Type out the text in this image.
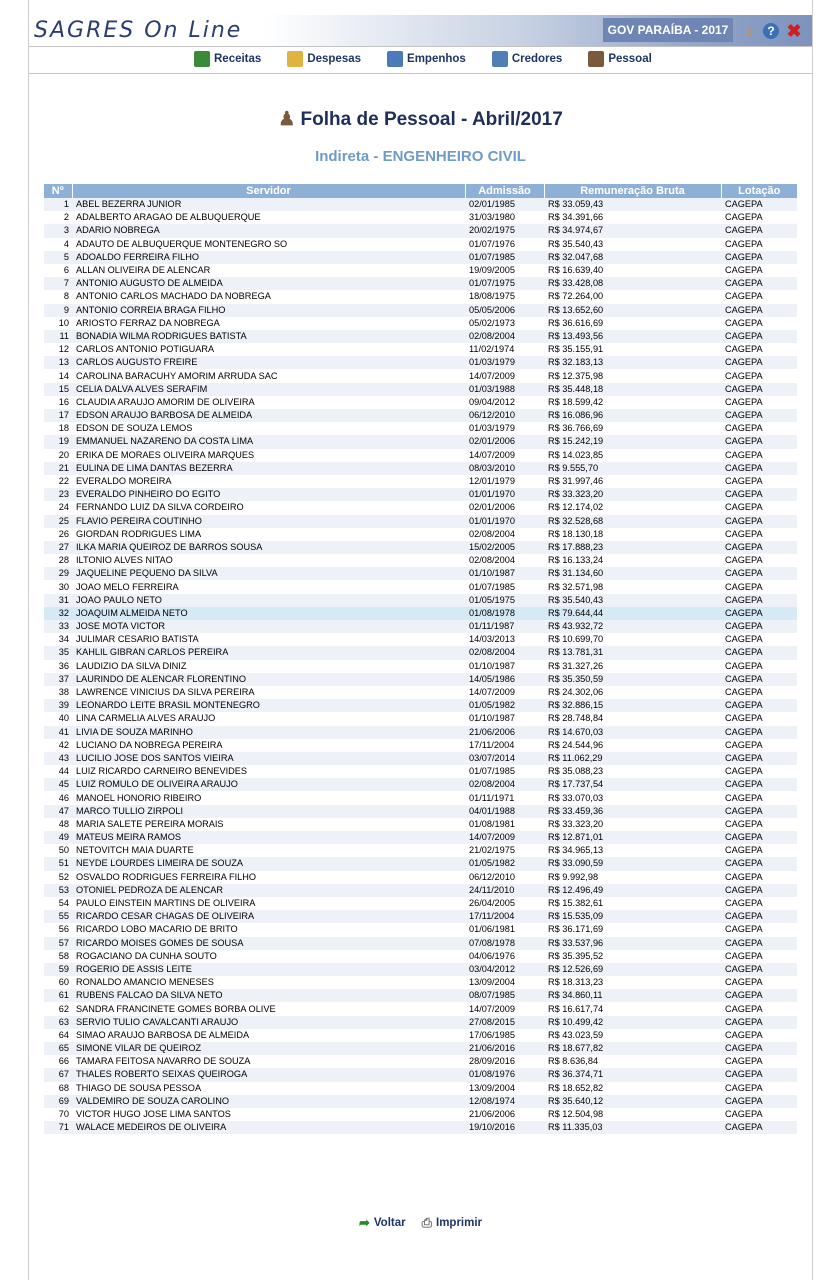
SAGRES On Line	GOV PARAÍBA - 2017	⌂	? ✖
Receitas	Despesas	Empenhos	Credores	Pessoal
♟ Folha de Pessoal - Abril/2017
Indireta - ENGENHEIRO CIVIL
Nº	Servidor	Admissão	Remuneração Bruta	Lotação
1	ABEL BEZERRA JUNIOR	02/01/1985	R$ 33.059,43	CAGEPA
2	ADALBERTO ARAGAO DE ALBUQUERQUE	31/03/1980	R$ 34.391,66	CAGEPA
3	ADARIO NOBREGA	20/02/1975	R$ 34.974,67	CAGEPA
4	ADAUTO DE ALBUQUERQUE MONTENEGRO SO	01/07/1976	R$ 35.540,43	CAGEPA
5	ADOALDO FERREIRA FILHO	01/07/1985	R$ 32.047,68	CAGEPA
6	ALLAN OLIVEIRA DE ALENCAR	19/09/2005	R$ 16.639,40	CAGEPA
7	ANTONIO AUGUSTO DE ALMEIDA	01/07/1975	R$ 33.428,08	CAGEPA
8	ANTONIO CARLOS MACHADO DA NOBREGA	18/08/1975	R$ 72.264,00	CAGEPA
9	ANTONIO CORREIA BRAGA FILHO	05/05/2006	R$ 13.652,60	CAGEPA
10	ARIOSTO FERRAZ DA NOBREGA	05/02/1973	R$ 36.616,69	CAGEPA
11	BONADIA WILMA RODRIGUES BATISTA	02/08/2004	R$ 13.493,56	CAGEPA
12	CARLOS ANTONIO POTIGUARA	11/02/1974	R$ 35.155,91	CAGEPA
13	CARLOS AUGUSTO FREIRE	01/03/1979	R$ 32.183,13	CAGEPA
14	CAROLINA BARACUHY AMORIM ARRUDA SAC	14/07/2009	R$ 12.375,98	CAGEPA
15	CELIA DALVA ALVES SERAFIM	01/03/1988	R$ 35.448,18	CAGEPA
16	CLAUDIA ARAUJO AMORIM DE OLIVEIRA	09/04/2012	R$ 18.599,42	CAGEPA
17	EDSON ARAUJO BARBOSA DE ALMEIDA	06/12/2010	R$ 16.086,96	CAGEPA
18	EDSON DE SOUZA LEMOS	01/03/1979	R$ 36.766,69	CAGEPA
19	EMMANUEL NAZARENO DA COSTA LIMA	02/01/2006	R$ 15.242,19	CAGEPA
20	ERIKA DE MORAES OLIVEIRA MARQUES	14/07/2009	R$ 14.023,85	CAGEPA
21	EULINA DE LIMA DANTAS BEZERRA	08/03/2010	R$ 9.555,70	CAGEPA
22	EVERALDO MOREIRA	12/01/1979	R$ 31.997,46	CAGEPA
23	EVERALDO PINHEIRO DO EGITO	01/01/1970	R$ 33.323,20	CAGEPA
24	FERNANDO LUIZ DA SILVA CORDEIRO	02/01/2006	R$ 12.174,02	CAGEPA
25	FLAVIO PEREIRA COUTINHO	01/01/1970	R$ 32.528,68	CAGEPA
26	GIORDAN RODRIGUES LIMA	02/08/2004	R$ 18.130,18	CAGEPA
27	ILKA MARIA QUEIROZ DE BARROS SOUSA	15/02/2005	R$ 17.888,23	CAGEPA
28	ILTONIO ALVES NITAO	02/08/2004	R$ 16.133,24	CAGEPA
29	JAQUELINE PEQUENO DA SILVA	01/10/1987	R$ 31.134,60	CAGEPA
30	JOAO MELO FERREIRA	01/07/1985	R$ 32.571,98	CAGEPA
31	JOAO PAULO NETO	01/05/1975	R$ 35.540,43	CAGEPA
32	JOAQUIM ALMEIDA NETO	01/08/1978	R$ 79.644,44	CAGEPA
33	JOSE MOTA VICTOR	01/11/1987	R$ 43.932,72	CAGEPA
34	JULIMAR CESARIO BATISTA	14/03/2013	R$ 10.699,70	CAGEPA
35	KAHLIL GIBRAN CARLOS PEREIRA	02/08/2004	R$ 13.781,31	CAGEPA
36	LAUDIZIO DA SILVA DINIZ	01/10/1987	R$ 31.327,26	CAGEPA
37	LAURINDO DE ALENCAR FLORENTINO	14/05/1986	R$ 35.350,59	CAGEPA
38	LAWRENCE VINICIUS DA SILVA PEREIRA	14/07/2009	R$ 24.302,06	CAGEPA
39	LEONARDO LEITE BRASIL MONTENEGRO	01/05/1982	R$ 32.886,15	CAGEPA
40	LINA CARMELIA ALVES ARAUJO	01/10/1987	R$ 28.748,84	CAGEPA
41	LIVIA DE SOUZA MARINHO	21/06/2006	R$ 14.670,03	CAGEPA
42	LUCIANO DA NOBREGA PEREIRA	17/11/2004	R$ 24.544,96	CAGEPA
43	LUCILIO JOSE DOS SANTOS VIEIRA	03/07/2014	R$ 11.062,29	CAGEPA
44	LUIZ RICARDO CARNEIRO BENEVIDES	01/07/1985	R$ 35.088,23	CAGEPA
45	LUIZ ROMULO DE OLIVEIRA ARAUJO	02/08/2004	R$ 17.737,54	CAGEPA
46	MANOEL HONORIO RIBEIRO	01/11/1971	R$ 33.070,03	CAGEPA
47	MARCO TULLIO ZIRPOLI	04/01/1988	R$ 33.459,36	CAGEPA
48	MARIA SALETE PEREIRA MORAIS	01/08/1981	R$ 33.323,20	CAGEPA
49	MATEUS MEIRA RAMOS	14/07/2009	R$ 12.871,01	CAGEPA
50	NETOVITCH MAIA DUARTE	21/02/1975	R$ 34.965,13	CAGEPA
51	NEYDE LOURDES LIMEIRA DE SOUZA	01/05/1982	R$ 33.090,59	CAGEPA
52	OSVALDO RODRIGUES FERREIRA FILHO	06/12/2010	R$ 9.992,98	CAGEPA
53	OTONIEL PEDROZA DE ALENCAR	24/11/2010	R$ 12.496,49	CAGEPA
54	PAULO EINSTEIN MARTINS DE OLIVEIRA	26/04/2005	R$ 15.382,61	CAGEPA
55	RICARDO CESAR CHAGAS DE OLIVEIRA	17/11/2004	R$ 15.535,09	CAGEPA
56	RICARDO LOBO MACARIO DE BRITO	01/06/1981	R$ 36.171,69	CAGEPA
57	RICARDO MOISES GOMES DE SOUSA	07/08/1978	R$ 33.537,96	CAGEPA
58	ROGACIANO DA CUNHA SOUTO	04/06/1976	R$ 35.395,52	CAGEPA
59	ROGERIO DE ASSIS LEITE	03/04/2012	R$ 12.526,69	CAGEPA
60	RONALDO AMANCIO MENESES	13/09/2004	R$ 18.313,23	CAGEPA
61	RUBENS FALCAO DA SILVA NETO	08/07/1985	R$ 34.860,11	CAGEPA
62	SANDRA FRANCINETE GOMES BORBA OLIVE	14/07/2009	R$ 16.617,74	CAGEPA
63	SERVIO TULIO CAVALCANTI ARAUJO	27/08/2015	R$ 10.499,42	CAGEPA
64	SIMAO ARAUJO BARBOSA DE ALMEIDA	17/06/1985	R$ 43.023,59	CAGEPA
65	SIMONE VILAR DE QUEIROZ	21/06/2016	R$ 18.677,82	CAGEPA
66	TAMARA FEITOSA NAVARRO DE SOUZA	28/09/2016	R$ 8.636,84	CAGEPA
67	THALES ROBERTO SEIXAS QUEIROGA	01/08/1976	R$ 36.374,71	CAGEPA
68	THIAGO DE SOUSA PESSOA	13/09/2004	R$ 18.652,82	CAGEPA
69	VALDEMIRO DE SOUZA CAROLINO	12/08/1974	R$ 35.640,12	CAGEPA
70	VICTOR HUGO JOSE LIMA SANTOS	21/06/2006	R$ 12.504,98	CAGEPA
71	WALACE MEDEIROS DE OLIVEIRA	19/10/2016	R$ 11.335,03	CAGEPA
➦ Voltar ⎙ Imprimir
